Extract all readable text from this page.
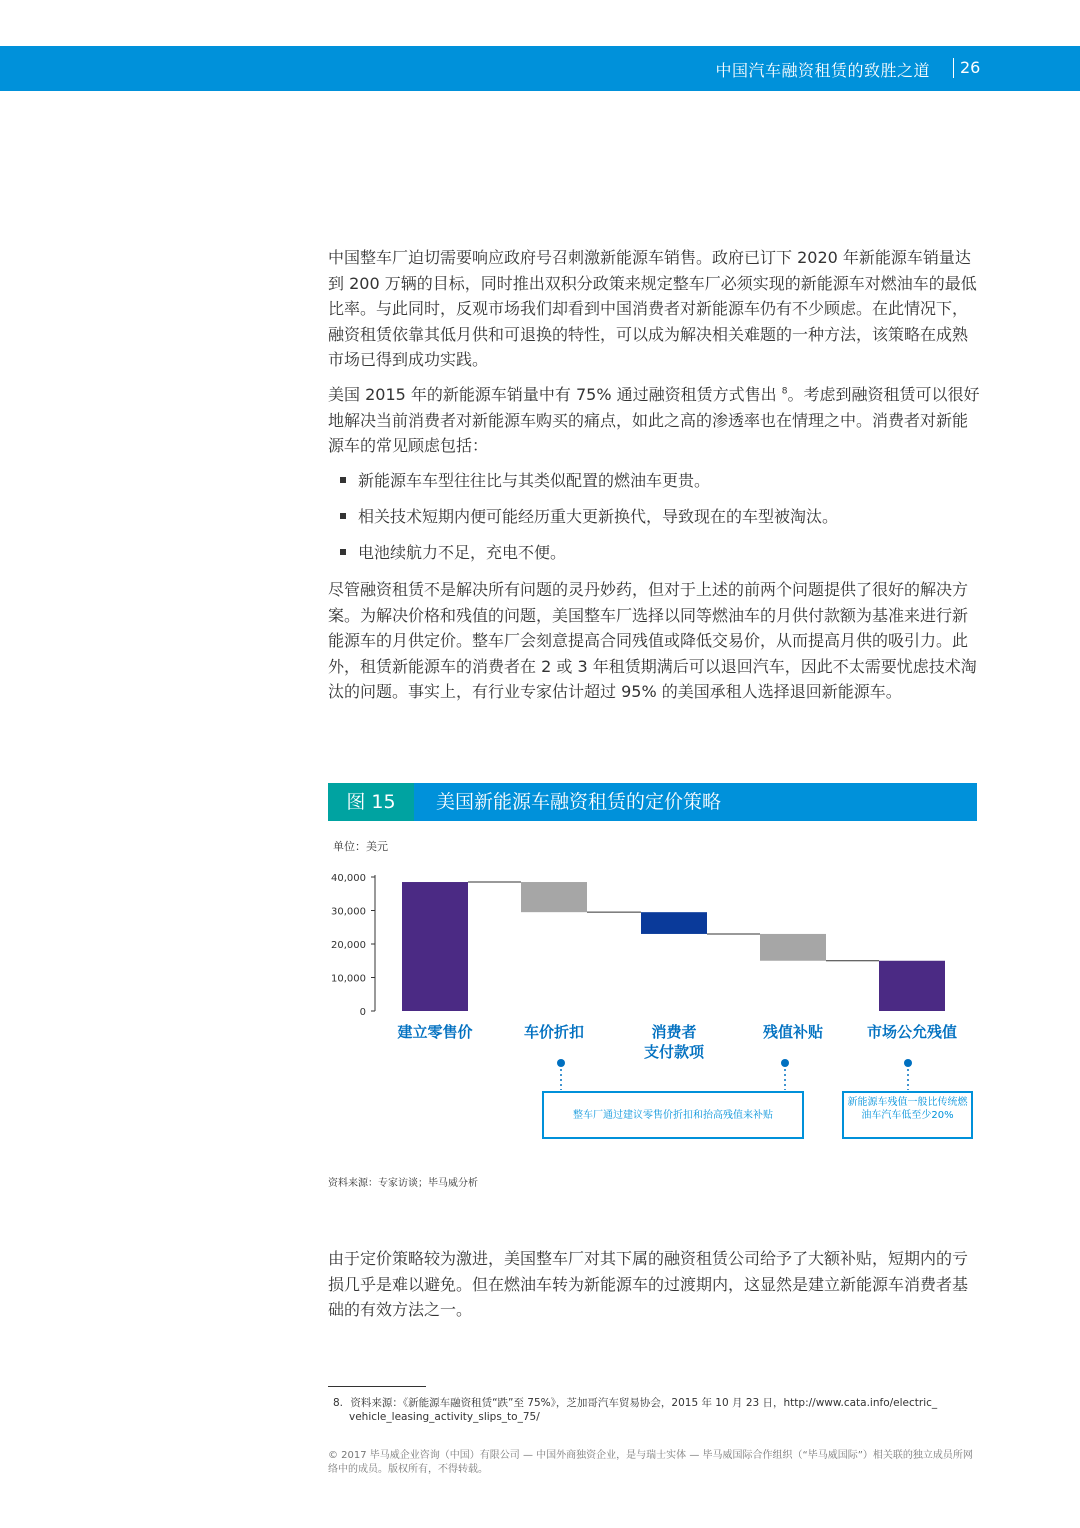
中国汽车融资租赁的致胜之道 26

中国整车厂迫切需要响应政府号召刺激新能源车销售。政府已订下 2020 年新能源车销量达到 200 万辆的目标，同时推出双积分政策来规定整车厂必须实现的新能源车对燃油车的最低比率。与此同时，反观市场我们却看到中国消费者对新能源车仍有不少顾虑。在此情况下，融资租赁依靠其低月供和可退换的特性，可以成为解决相关难题的一种方法，该策略在成熟市场已得到成功实践。

美国 2015 年的新能源车销量中有 75% 通过融资租赁方式售出 $^8$。考虑到融资租赁可以很好地解决当前消费者对新能源车购买的痛点，如此之高的渗透率也在情理之中。消费者对新能源车的常见顾虑包括：

新能源车车型往往比与其类似配置的燃油车更贵。
相关技术短期内便可能经历重大更新换代，导致现在的车型被淘汰。
电池续航力不足，充电不便。

尽管融资租赁不是解决所有问题的灵丹妙药，但对于上述的前两个问题提供了很好的解决方案。为解决价格和残值的问题，美国整车厂选择以同等燃油车的月供付款额为基准来进行新能源车的月供定价。整车厂会刻意提高合同残值或降低交易价，从而提高月供的吸引力。此外，租赁新能源车的消费者在 2 或 3 年租赁期满后可以退回汽车，因此不太需要忧虑技术淘汰的问题。事实上，有行业专家估计超过 95% 的美国承租人选择退回新能源车。

图 15	美国新能源车融资租赁的定价策略
单位：美元
0
10,000
20,000
30,000
40,000
建立零售价	车价折扣	消费者
支付款项
残值补贴	市场公允残值
整车厂通过建议零售价折扣和抬高残值来补贴
新能源车残值一般比传统燃油车汽车低至少20%
资料来源：专家访谈；毕马威分析

由于定价策略较为激进，美国整车厂对其下属的融资租赁公司给予了大额补贴，短期内的亏损几乎是难以避免。但在燃油车转为新能源车的过渡期内，这显然是建立新能源车消费者基础的有效方法之一。

8. 资料来源：《新能源车融资租赁“跌”至 75%》，芝加哥汽车贸易协会，2015 年 10 月 23 日，http://www.cata.info/electric_
vehicle_leasing_activity_slips_to_75/
© 2017 毕马威企业咨询（中国）有限公司 — 中国外商独资企业，是与瑞士实体 — 毕马威国际合作组织（“毕马威国际”）相关联的独立成员所网络中的成员。版权所有，不得转载。
